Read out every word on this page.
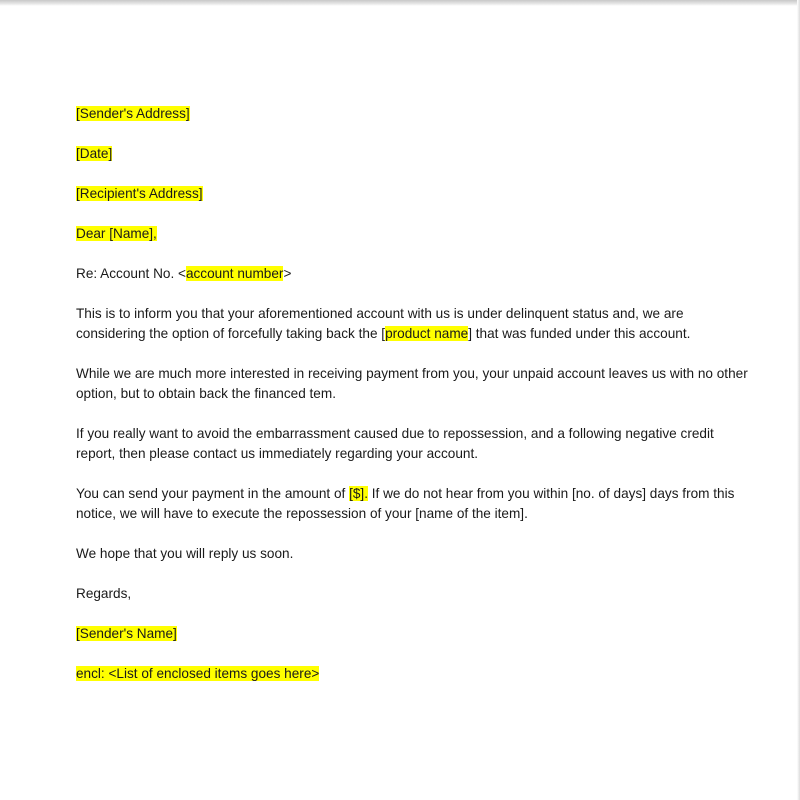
[Sender's Address]
[Date]
[Recipient's Address]
Dear [Name],
Re: Account No. <account number>
This is to inform you that your aforementioned account with us is under delinquent status and, we are considering the option of forcefully taking back the [product name] that was funded under this account.
While we are much more interested in receiving payment from you, your unpaid account leaves us with no other option, but to obtain back the financed tem.
If you really want to avoid the embarrassment caused due to repossession, and a following negative credit report, then please contact us immediately regarding your account.
You can send your payment in the amount of [$]. If we do not hear from you within [no. of days] days from this notice, we will have to execute the repossession of your [name of the item].
We hope that you will reply us soon.
Regards,
[Sender's Name]
encl: <List of enclosed items goes here>
